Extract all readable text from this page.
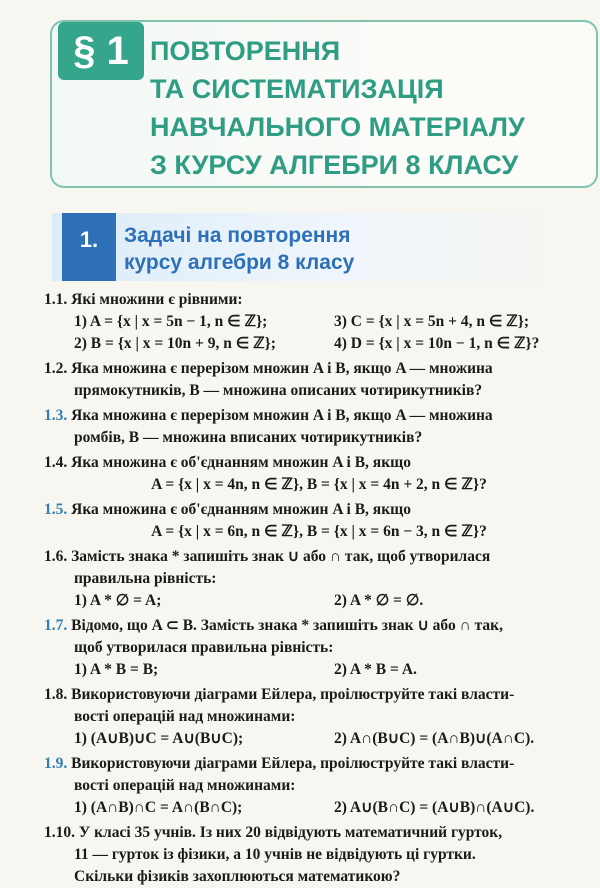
§ 1 ПОВТОРЕННЯ
ТА СИСТЕМАТИЗАЦІЯ
НАВЧАЛЬНОГО МАТЕРІАЛУ
З КУРСУ АЛГЕБРИ 8 КЛАСУ
1.	Задачі на повторення
курсу алгебри 8 класу
1.1. Які множини є рівними:
1) A = {x | x = 5n − 1, n ∈ ℤ};	3) C = {x | x = 5n + 4, n ∈ ℤ};
2) B = {x | x = 10n + 9, n ∈ ℤ};	4) D = {x | x = 10n − 1, n ∈ ℤ}?
1.2. Яка множина є перерізом множин A і B, якщо A — множина
прямокутників, B — множина описаних чотирикутників?
1.3. Яка множина є перерізом множин A і B, якщо A — множина
ромбів, B — множина вписаних чотирикутників?
1.4. Яка множина є об'єднанням множин A і B, якщо
A = {x | x = 4n, n ∈ ℤ}, B = {x | x = 4n + 2, n ∈ ℤ}?
1.5. Яка множина є об'єднанням множин A і B, якщо
A = {x | x = 6n, n ∈ ℤ}, B = {x | x = 6n − 3, n ∈ ℤ}?
1.6. Замість знака * запишіть знак ∪ або ∩ так, щоб утворилася
правильна рівність:
1) A * ∅ = A;	2) A * ∅ = ∅.
1.7. Відомо, що A ⊂ B. Замість знака * запишіть знак ∪ або ∩ так,
щоб утворилася правильна рівність:
1) A * B = B;	2) A * B = A.
1.8. Використовуючи діаграми Ейлера, проілюструйте такі власти-
вості операцій над множинами:
1) (A∪B)∪C = A∪(B∪C);	2) A∩(B∪C) = (A∩B)∪(A∩C).
1.9. Використовуючи діаграми Ейлера, проілюструйте такі власти-
вості операцій над множинами:
1) (A∩B)∩C = A∩(B∩C);	2) A∪(B∩C) = (A∪B)∩(A∪C).
1.10. У класі 35 учнів. Із них 20 відвідують математичний гурток,
11 — гурток із фізики, а 10 учнів не відвідують ці гуртки.
Скільки фізиків захоплюються математикою?
